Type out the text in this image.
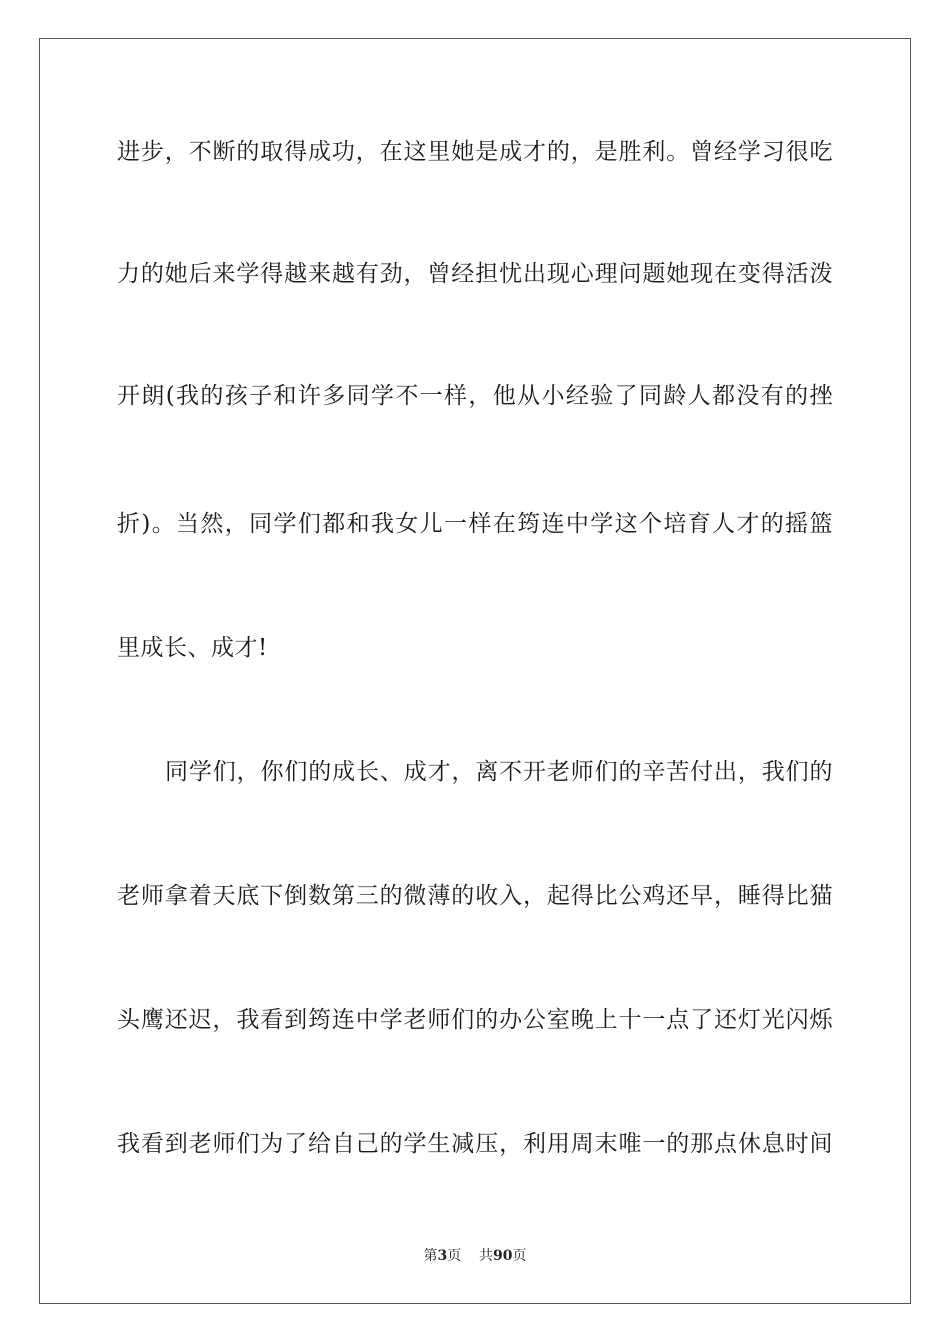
进步，不断的取得成功，在这里她是成才的，是胜利。曾经学习很吃
力的她后来学得越来越有劲，曾经担忧出现心理问题她现在变得活泼
开朗(我的孩子和许多同学不一样，他从小经验了同龄人都没有的挫
折)。当然，同学们都和我女儿一样在筠连中学这个培育人才的摇篮
里成长、成才!
同学们，你们的成长、成才，离不开老师们的辛苦付出，我们的
老师拿着天底下倒数第三的微薄的收入，起得比公鸡还早，睡得比猫
头鹰还迟，我看到筠连中学老师们的办公室晚上十一点了还灯光闪烁
我看到老师们为了给自己的学生减压，利用周末唯一的那点休息时间
第3页 共90页
